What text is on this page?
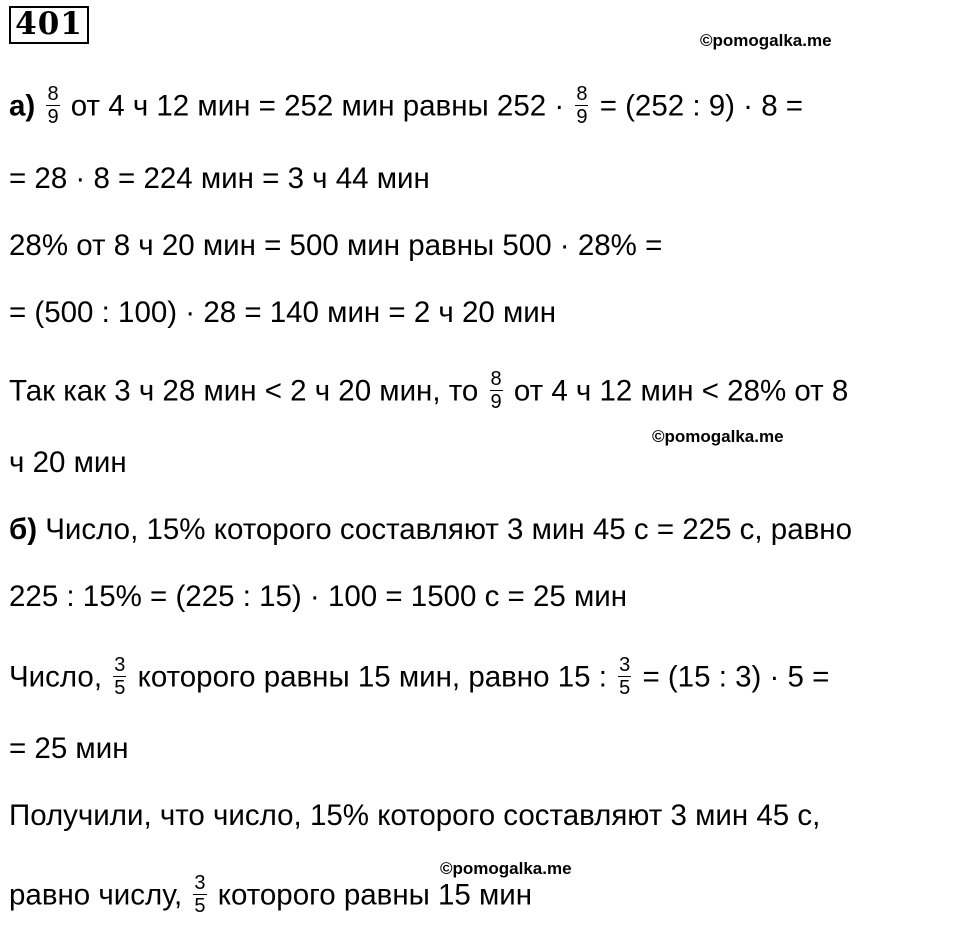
401	©pomogalka.me
©pomogalka.me
©pomogalka.me
$а) \frac{8}{9}$ от 4 ч 12 мин = 252 мин равны $252 \cdot \frac{8}{9} = (252$ : 9) · 8 =
= 28 · 8 = 224 мин = 3 ч 44 мин
28% от 8 ч 20 мин = 500 мин равны 500 · 28% =
= (500 : 100) · 28 = 140 мин = 2 ч 20 мин
Так как 3 ч 28 мин < 2 ч 20 мин, то $\frac{8}{9}$ от 4 ч 12 мин < 28% от 8
ч 20 мин
б) Число, 15% которого составляют 3 мин 45 с = 225 с, равно
225 : 15% = (225 : 15) · 100 = 1500 с = 25 мин
Число, $\frac{3}{5}$ которого равны 15 мин, равно 15 : $\frac{3}{5} = (15$ : 3) · 5 =
= 25 мин
Получили, что число, 15% которого составляют 3 мин 45 с,
равно числу, $\frac{3}{5}$ которого равны 15 мин
